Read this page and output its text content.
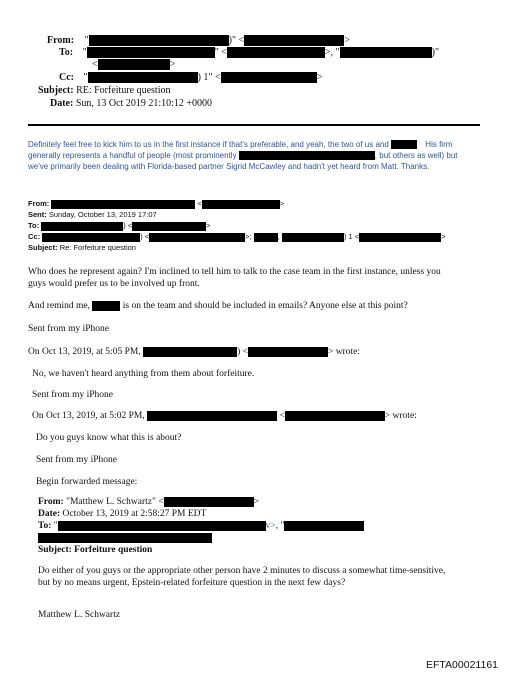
From: "	)" <	>
To: "	" <	>, "	)"
<	>
Cc: "	) 1" <	>
Subject: RE: Forfeiture question
Date: Sun, 13 Oct 2019 21:10:12 +0000
Definitely feel free to kick him to us in the first instance if that's preferable, and yeah, the two of us and	His firm
generally represents a handful of people (most prominently	, but others as well) but
we've primarily been dealing with Florida-based partner Sigrid McCawley and hadn't yet heard from Matt. Thanks.
From:	<	>
Sent: Sunday, October 13, 2019 17:07
To:	) <	>
Cc:	) <	>;	,	) 1 <	>
Subject: Re: Forfeiture question
Who does he represent again? I'm inclined to tell him to talk to the case team in the first instance, unless you
guys would prefer us to be involved up front.
And remind me,	is on the team and should be included in emails? Anyone else at this point?
Sent from my iPhone
On Oct 13, 2019, at 5:05 PM,	) <	> wrote:
No, we haven't heard anything from them about forfeiture.
Sent from my iPhone
On Oct 13, 2019, at 5:02 PM,	<	> wrote:
Do you guys know what this is about?
Sent from my iPhone
Begin forwarded message:
From: "Matthew L. Schwartz" <	>
Date: October 13, 2019 at 2:58:27 PM EDT
To: "	v>, "
Subject: Forfeiture question
Do either of you guys or the appropriate other person have 2 minutes to discuss a somewhat time-sensitive,
but by no means urgent, Epstein-related forfeiture question in the next few days?
Matthew L. Schwartz
EFTA00021161
